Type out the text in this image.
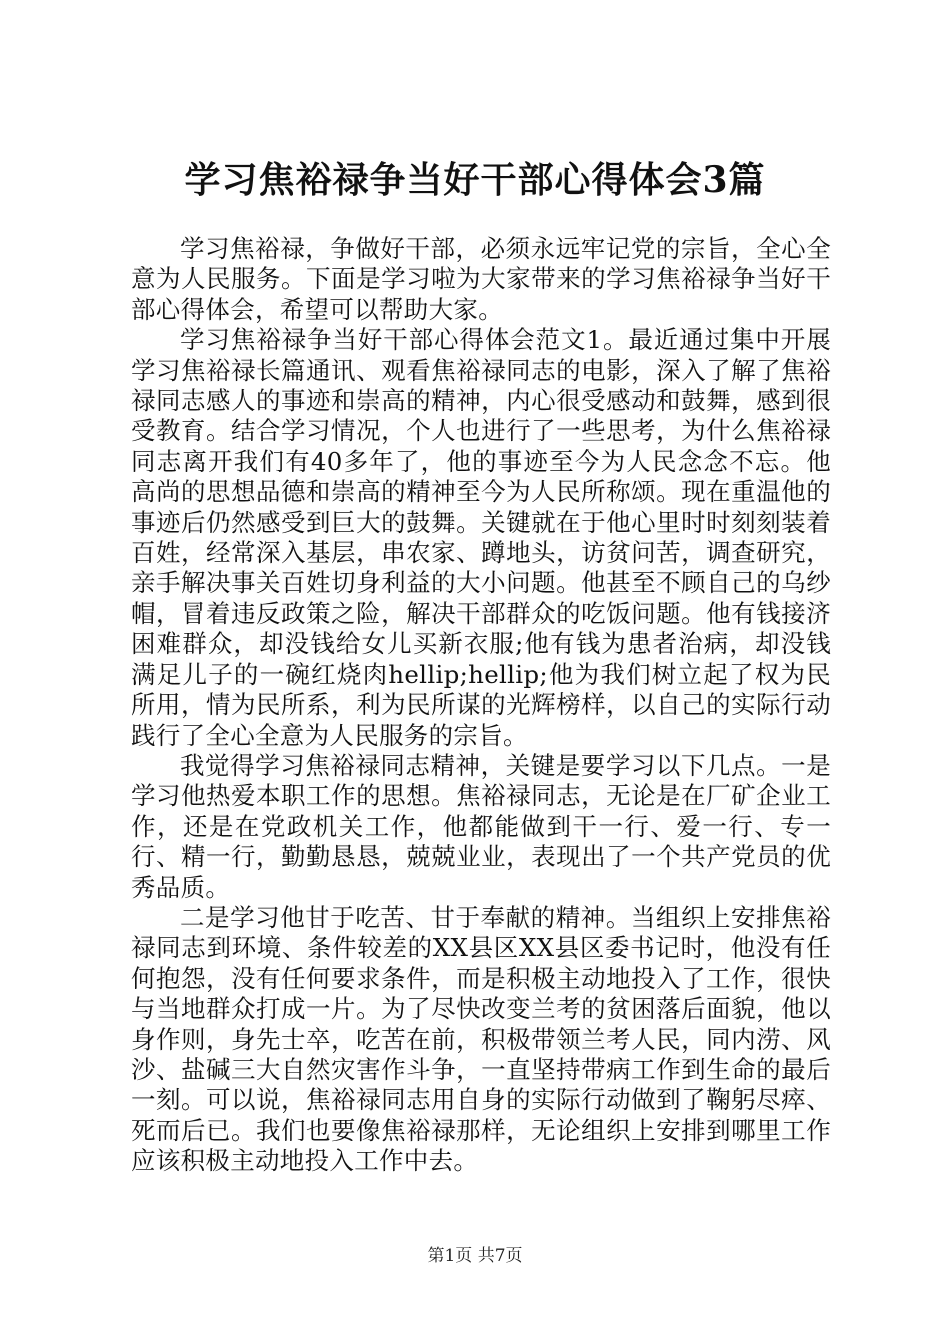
学习焦裕禄争当好干部心得体会3篇

学习焦裕禄，争做好干部，必须永远牢记党的宗旨，全心全意为人民服务。下面是学习啦为大家带来的学习焦裕禄争当好干部心得体会，希望可以帮助大家。

学习焦裕禄争当好干部心得体会范文1。最近通过集中开展学习焦裕禄长篇通讯、观看焦裕禄同志的电影，深入了解了焦裕禄同志感人的事迹和崇高的精神，内心很受感动和鼓舞，感到很受教育。结合学习情况，个人也进行了一些思考，为什么焦裕禄同志离开我们有40多年了，他的事迹至今为人民念念不忘。他高尚的思想品德和崇高的精神至今为人民所称颂。现在重温他的事迹后仍然感受到巨大的鼓舞。关键就在于他心里时时刻刻装着百姓，经常深入基层，串农家、蹲地头，访贫问苦，调查研究，亲手解决事关百姓切身利益的大小问题。他甚至不顾自己的乌纱帽，冒着违反政策之险，解决干部群众的吃饭问题。他有钱接济困难群众，却没钱给女儿买新衣服;他有钱为患者治病，却没钱满足儿子的一碗红烧肉hellip;hellip;他为我们树立起了权为民所用，情为民所系，利为民所谋的光辉榜样，以自己的实际行动践行了全心全意为人民服务的宗旨。

我觉得学习焦裕禄同志精神，关键是要学习以下几点。一是学习他热爱本职工作的思想。焦裕禄同志，无论是在厂矿企业工作，还是在党政机关工作，他都能做到干一行、爱一行、专一行、精一行，勤勤恳恳，兢兢业业，表现出了一个共产党员的优秀品质。

二是学习他甘于吃苦、甘于奉献的精神。当组织上安排焦裕禄同志到环境、条件较差的XX县区XX县区委书记时，他没有任何抱怨，没有任何要求条件，而是积极主动地投入了工作，很快与当地群众打成一片。为了尽快改变兰考的贫困落后面貌，他以身作则，身先士卒，吃苦在前，积极带领兰考人民，同内涝、风沙、盐碱三大自然灾害作斗争，一直坚持带病工作到生命的最后一刻。可以说，焦裕禄同志用自身的实际行动做到了鞠躬尽瘁、死而后已。我们也要像焦裕禄那样，无论组织上安排到哪里工作应该积极主动地投入工作中去。

第1页 共7页
